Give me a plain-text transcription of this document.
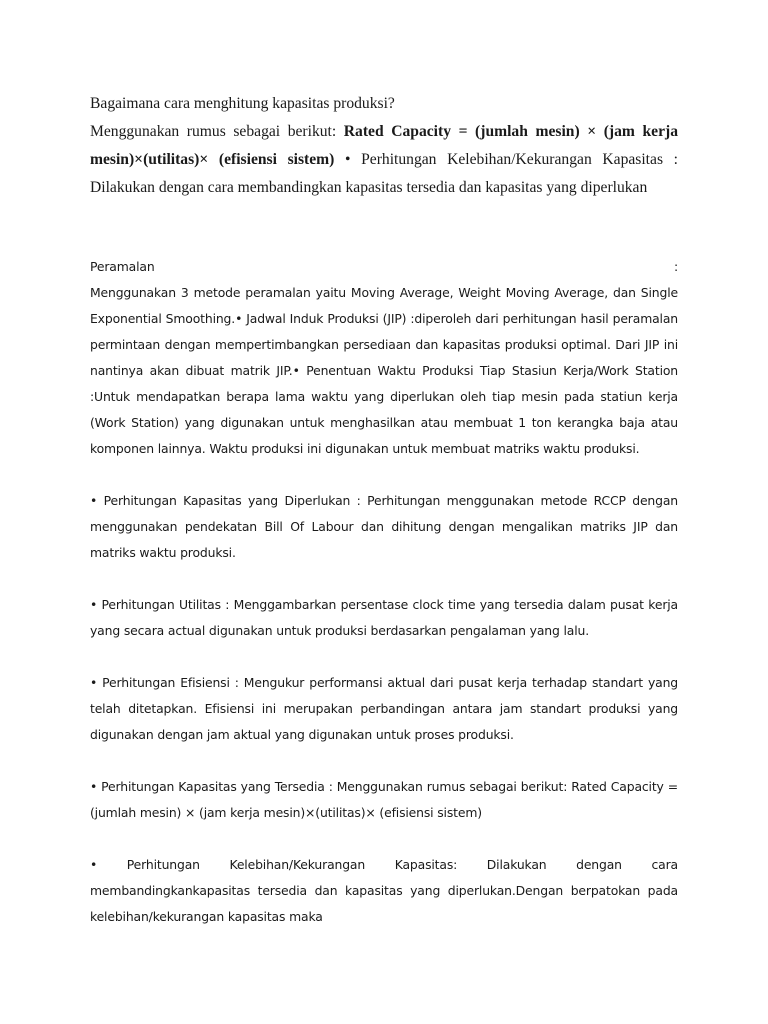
Bagaimana cara menghitung kapasitas produksi?

Menggunakan rumus sebagai berikut: Rated Capacity = (jumlah mesin) × (jam kerja mesin)×(utilitas)× (efisiensi sistem) • Perhitungan Kelebihan/Kekurangan Kapasitas : Dilakukan dengan cara membandingkan kapasitas tersedia dan kapasitas yang diperlukan

Peramalan	:

Menggunakan 3 metode peramalan yaitu Moving Average, Weight Moving Average, dan Single Exponential Smoothing.• Jadwal Induk Produksi (JIP) :diperoleh dari perhitungan hasil peramalan permintaan dengan mempertimbangkan persediaan dan kapasitas produksi optimal. Dari JIP ini nantinya akan dibuat matrik JIP.• Penentuan Waktu Produksi Tiap Stasiun Kerja/Work Station :Untuk mendapatkan berapa lama waktu yang diperlukan oleh tiap mesin pada statiun kerja (Work Station) yang digunakan untuk menghasilkan atau membuat 1 ton kerangka baja atau komponen lainnya. Waktu produksi ini digunakan untuk membuat matriks waktu produksi.

• Perhitungan Kapasitas yang Diperlukan : Perhitungan menggunakan metode RCCP dengan menggunakan pendekatan Bill Of Labour dan dihitung dengan mengalikan matriks JIP dan matriks waktu produksi.

• Perhitungan Utilitas : Menggambarkan persentase clock time yang tersedia dalam pusat kerja yang secara actual digunakan untuk produksi berdasarkan pengalaman yang lalu.

• Perhitungan Efisiensi : Mengukur performansi aktual dari pusat kerja terhadap standart yang telah ditetapkan. Efisiensi ini merupakan perbandingan antara jam standart produksi yang digunakan dengan jam aktual yang digunakan untuk proses produksi.

• Perhitungan Kapasitas yang Tersedia : Menggunakan rumus sebagai berikut: Rated Capacity = (jumlah mesin) × (jam kerja mesin)×(utilitas)× (efisiensi sistem)

• Perhitungan Kelebihan/Kekurangan Kapasitas: Dilakukan dengan cara membandingkankapasitas tersedia dan kapasitas yang diperlukan.Dengan berpatokan pada kelebihan/kekurangan kapasitas maka
